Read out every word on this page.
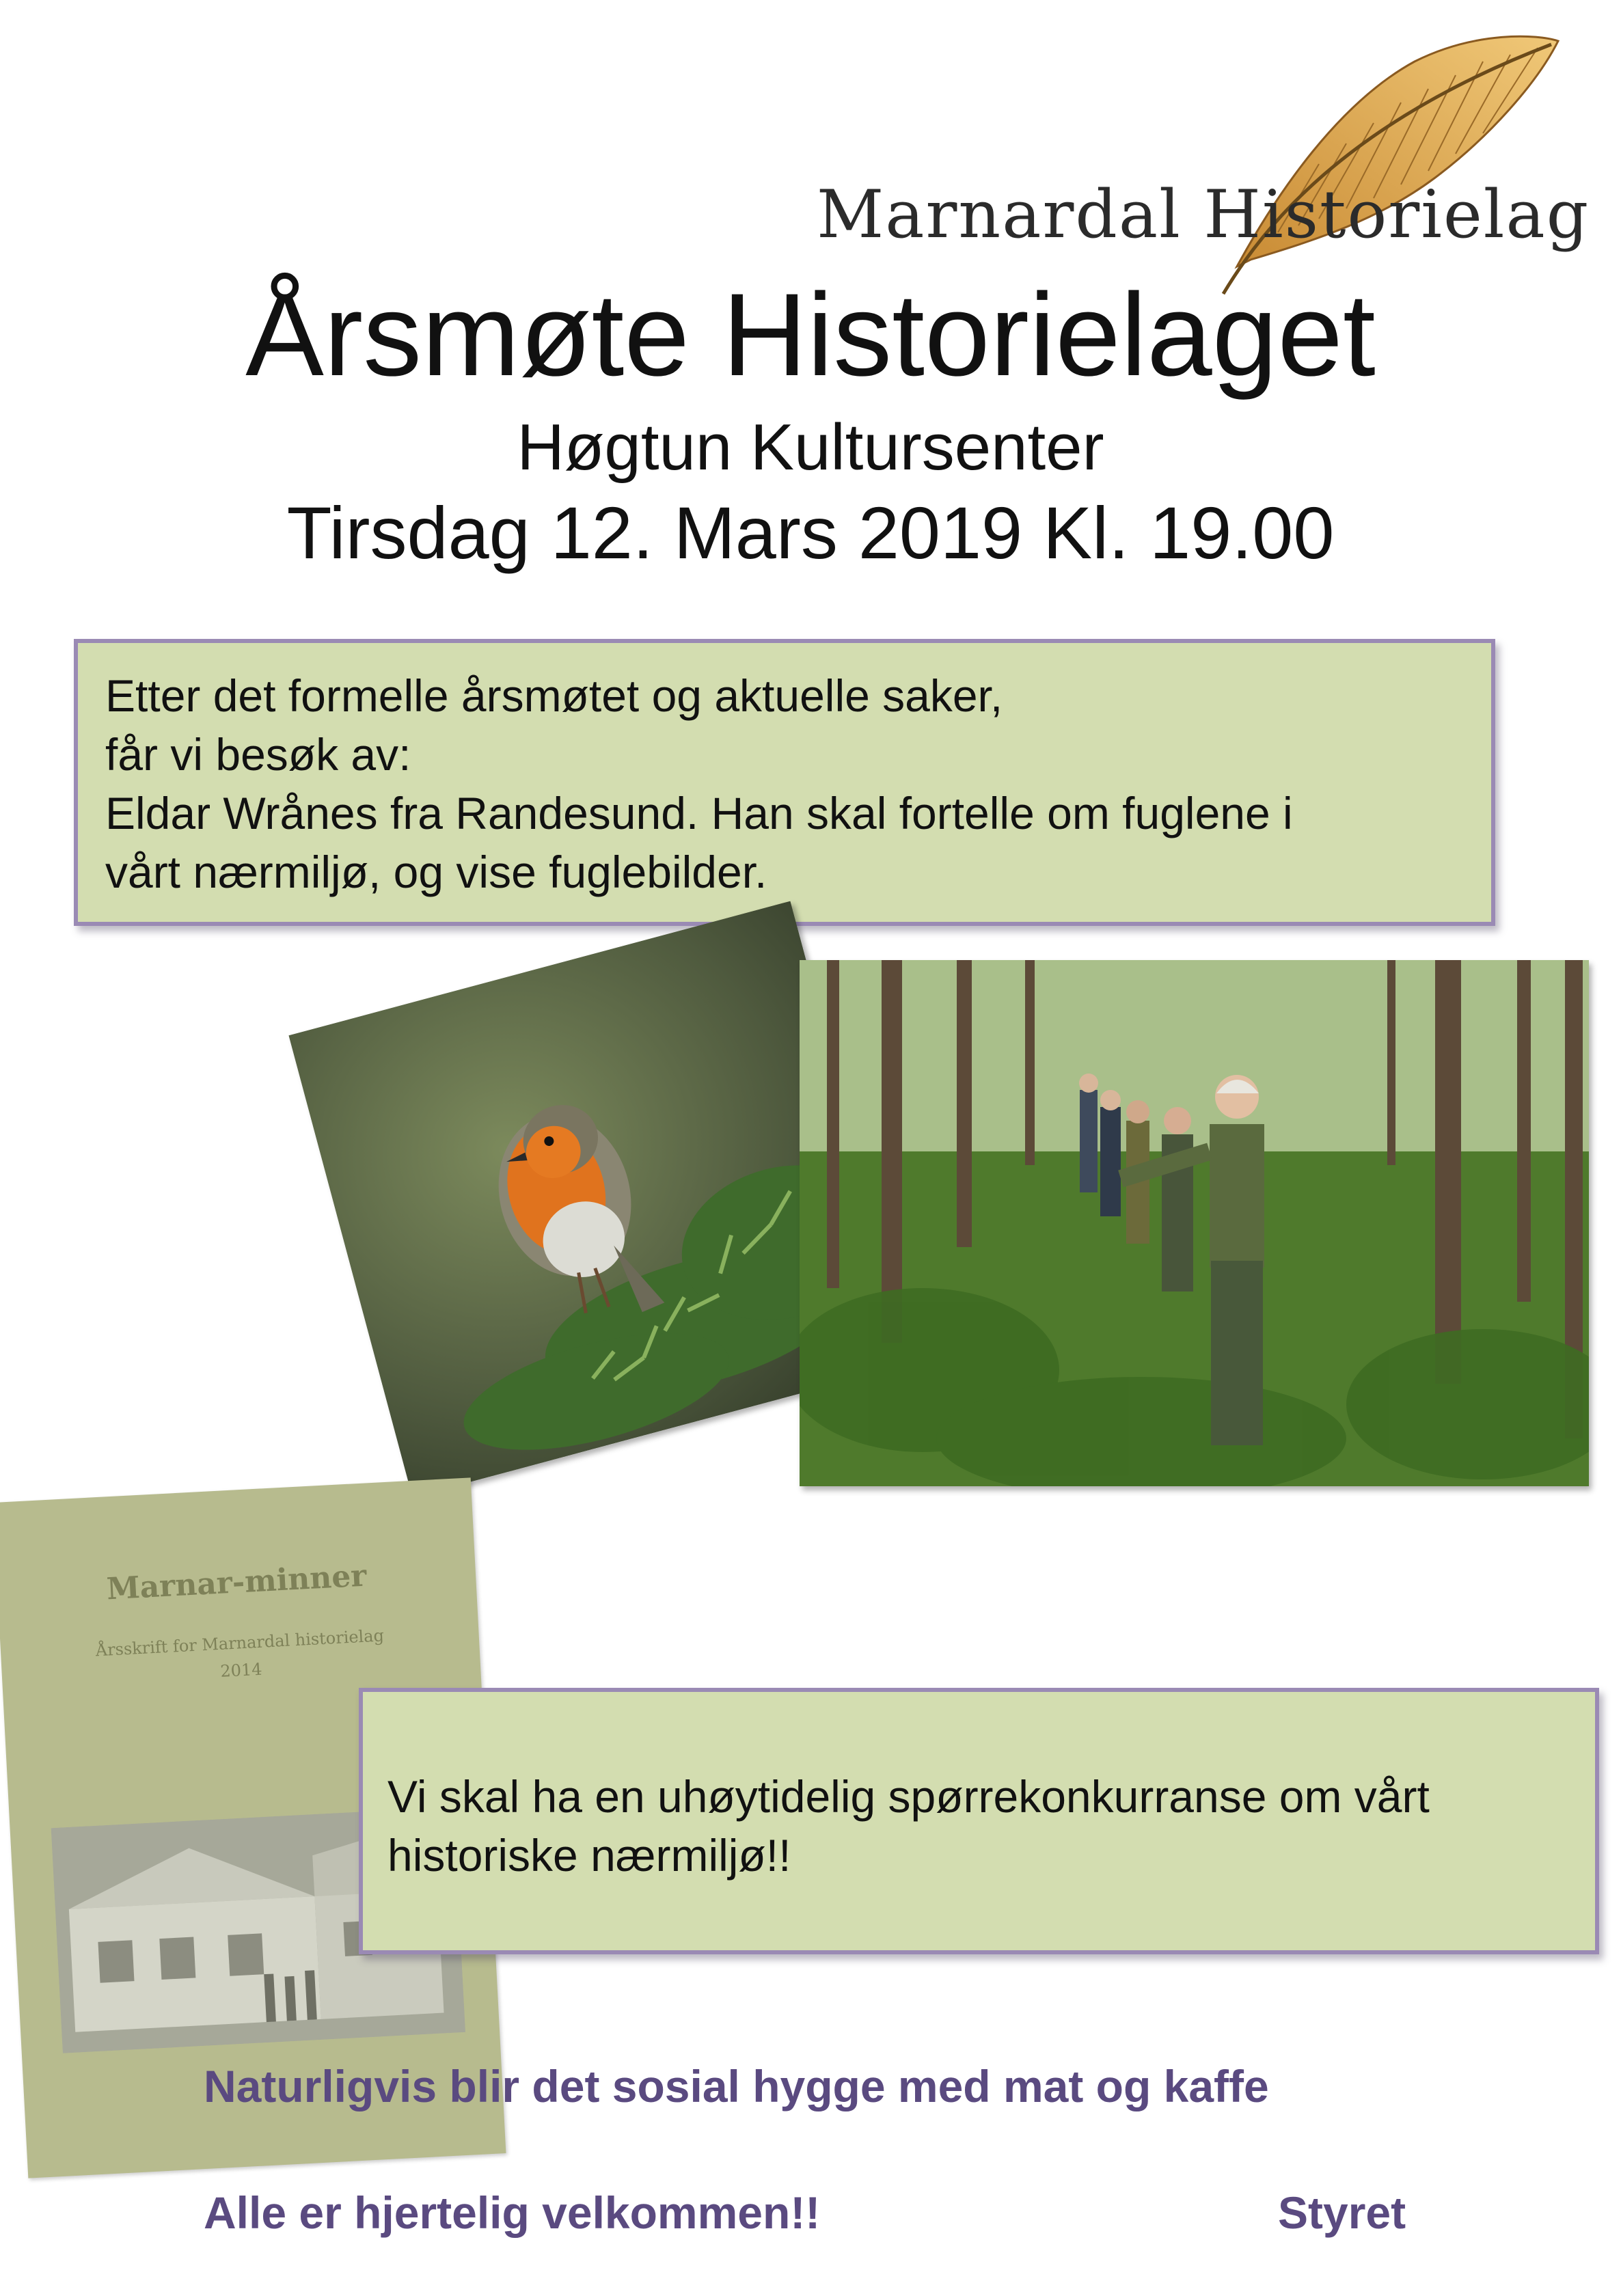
Marnardal Historielag
Årsmøte Historielaget
Høgtun Kultursenter
Tirsdag 12. Mars 2019 Kl. 19.00

Etter det formelle årsmøtet og aktuelle saker,

får vi besøk av:

Eldar Wrånes fra Randesund. Han skal fortelle om fuglene i

vårt nærmiljø, og vise fuglebilder.

Marnar-minner
Årsskrift for Marnardal historielag
2014

Vi skal ha en uhøytidelig spørrekonkurranse om vårt

historiske nærmiljø!!

Naturligvis blir det sosial hygge med mat og kaffe
Alle er hjertelig velkommen!!	Styret
